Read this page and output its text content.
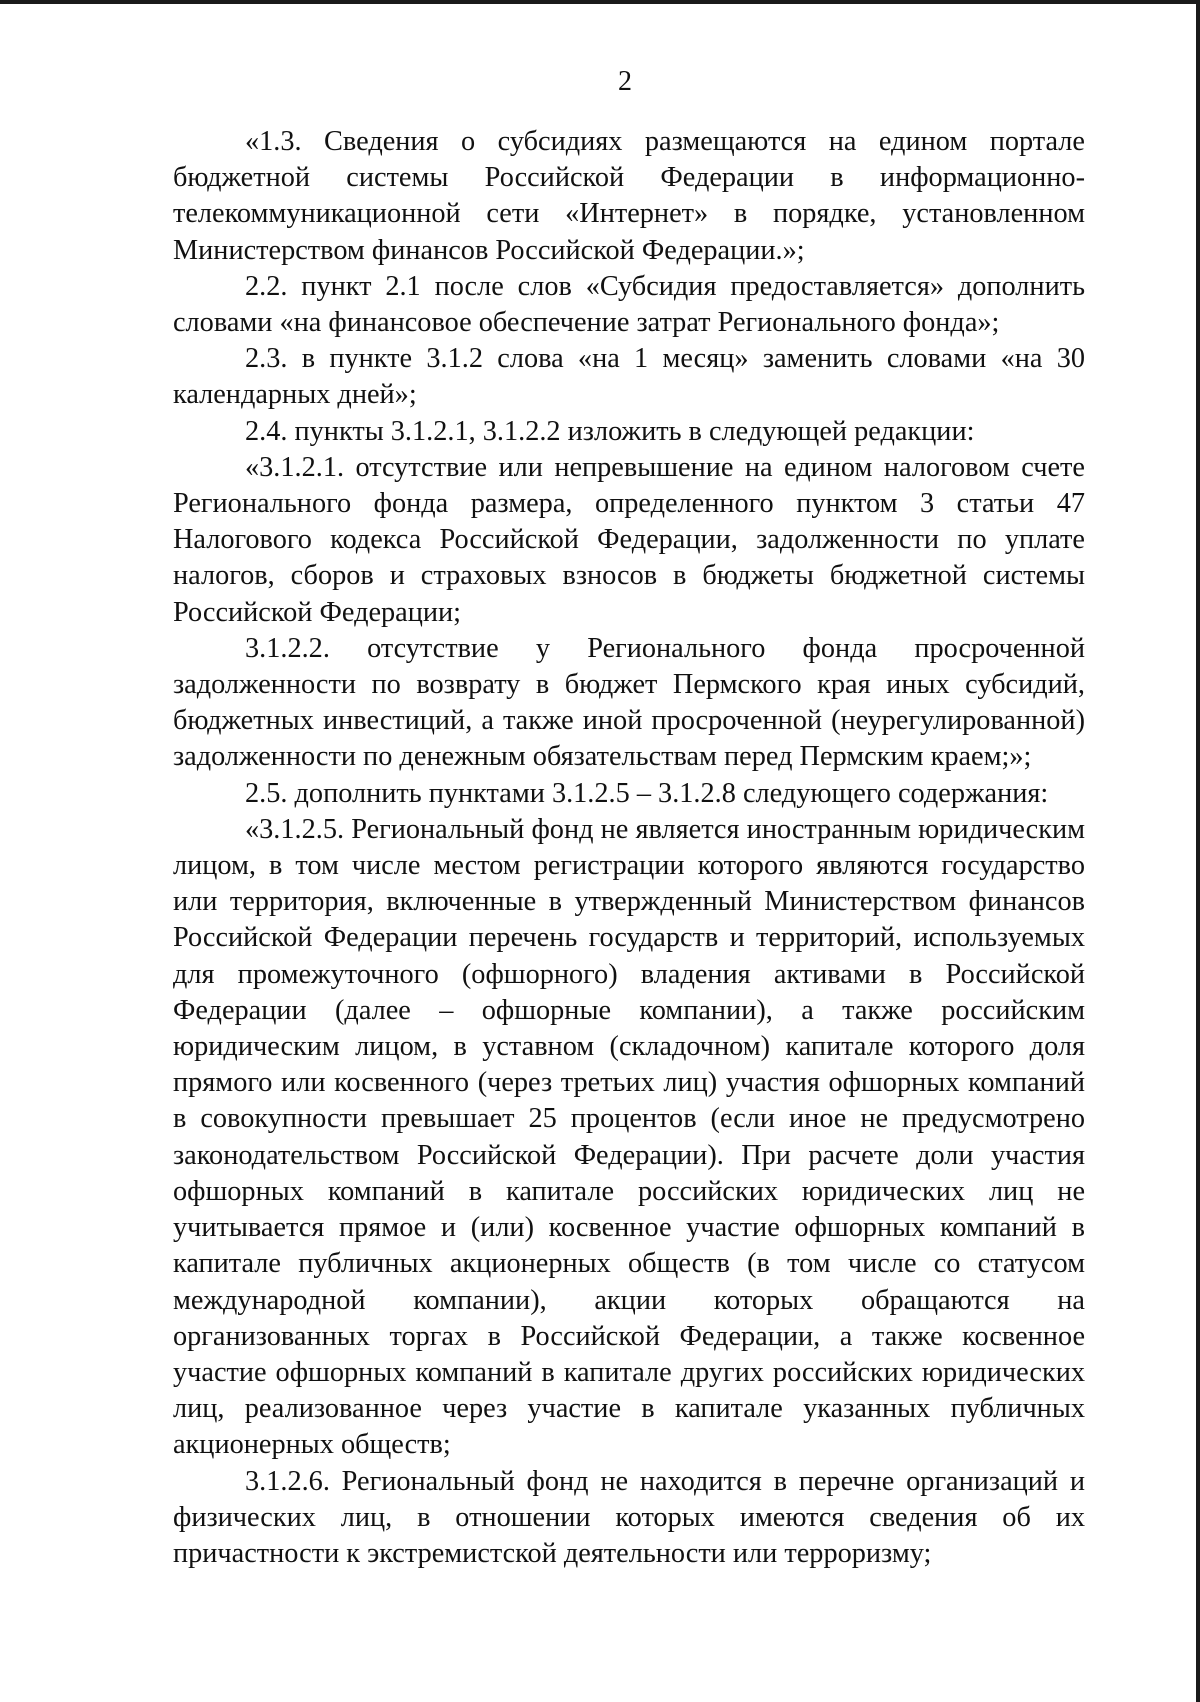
2

«1.3. Сведения о субсидиях размещаются на едином портале бюджетной системы Российской Федерации в информационно-телекоммуникационной сети «Интернет» в порядке, установленном Министерством финансов Российской Федерации.»;

2.2. пункт 2.1 после слов «Субсидия предоставляется» дополнить словами «на финансовое обеспечение затрат Регионального фонда»;

2.3. в пункте 3.1.2 слова «на 1 месяц» заменить словами «на 30 календарных дней»;

2.4. пункты 3.1.2.1, 3.1.2.2 изложить в следующей редакции:

«3.1.2.1. отсутствие или непревышение на едином налоговом счете Регионального фонда размера, определенного пунктом 3 статьи 47 Налогового кодекса Российской Федерации, задолженности по уплате налогов, сборов и страховых взносов в бюджеты бюджетной системы Российской Федерации;

3.1.2.2. отсутствие у Регионального фонда просроченной задолженности по возврату в бюджет Пермского края иных субсидий, бюджетных инвестиций, а также иной просроченной (неурегулированной) задолженности по денежным обязательствам перед Пермским краем;»;

2.5. дополнить пунктами 3.1.2.5 – 3.1.2.8 следующего содержания:

«3.1.2.5. Региональный фонд не является иностранным юридическим лицом, в том числе местом регистрации которого являются государство или территория, включенные в утвержденный Министерством финансов Российской Федерации перечень государств и территорий, используемых для промежуточного (офшорного) владения активами в Российской Федерации (далее – офшорные компании), а также российским юридическим лицом, в уставном (складочном) капитале которого доля прямого или косвенного (через третьих лиц) участия офшорных компаний в совокупности превышает 25 процентов (если иное не предусмотрено законодательством Российской Федерации). При расчете доли участия офшорных компаний в капитале российских юридических лиц не учитывается прямое и (или) косвенное участие офшорных компаний в капитале публичных акционерных обществ (в том числе со статусом международной компании), акции которых обращаются на организованных торгах в Российской Федерации, а также косвенное участие офшорных компаний в капитале других российских юридических лиц, реализованное через участие в капитале указанных публичных акционерных обществ;

3.1.2.6. Региональный фонд не находится в перечне организаций и физических лиц, в отношении которых имеются сведения об их причастности к экстремистской деятельности или терроризму;
